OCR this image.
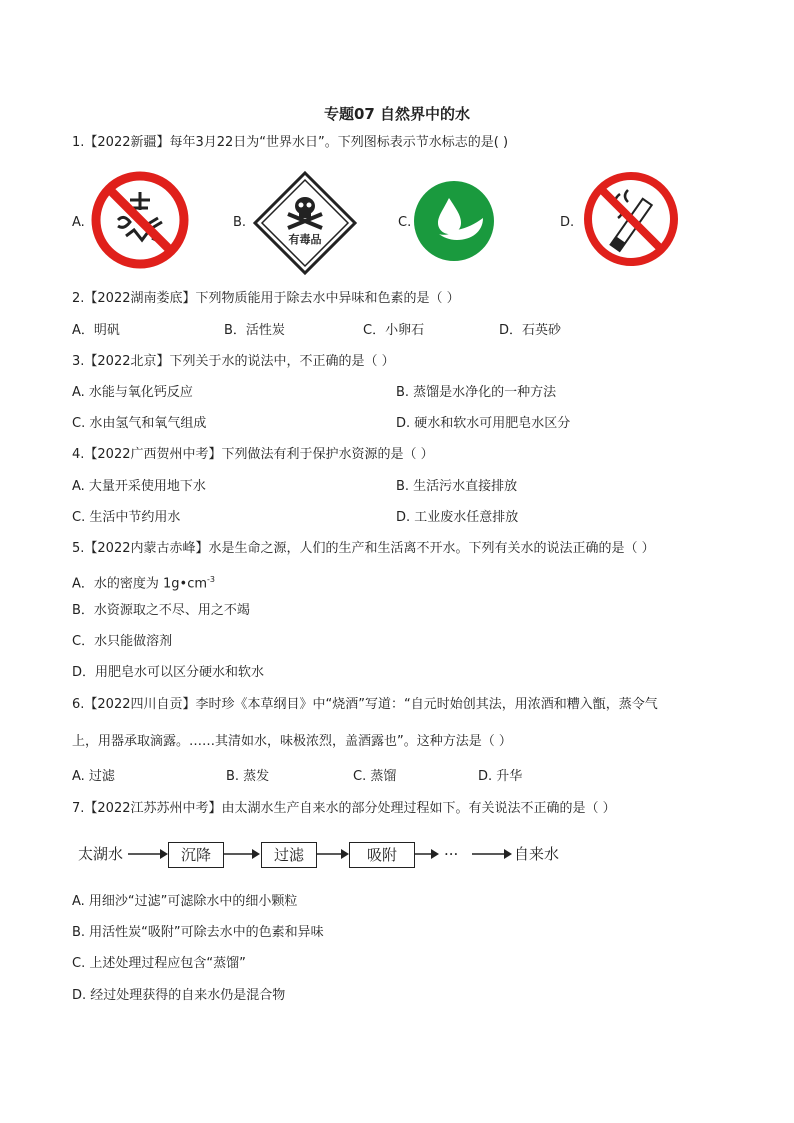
专题07 自然界中的水
1.【2022新疆】每年3月22日为“世界水日”。下列图标表示节水标志的是( )
A.	B.
有毒品
C.	D.
2.【2022湖南娄底】下列物质能用于除去水中异味和色素的是（ ）
A．明矾	B．活性炭	C．小卵石	D．石英砂
3.【2022北京】下列关于水的说法中，不正确的是（ ）
A. 水能与氧化钙反应	B. 蒸馏是水净化的一种方法
C. 水由氢气和氧气组成	D. 硬水和软水可用肥皂水区分
4.【2022广西贺州中考】下列做法有利于保护水资源的是（ ）
A. 大量开采使用地下水	B. 生活污水直接排放
C. 生活中节约用水	D. 工业废水任意排放
5.【2022内蒙古赤峰】水是生命之源，人们的生产和生活离不开水。下列有关水的说法正确的是（ ）
A．水的密度为 $1g•cm^{-3}$
B．水资源取之不尽、用之不竭
C．水只能做溶剂
D．用肥皂水可以区分硬水和软水
6.【2022四川自贡】李时珍《本草纲目》中“烧酒”写道：“自元时始创其法，用浓酒和糟入甑，蒸令气
上，用器承取滴露。……其清如水，味极浓烈，盖酒露也”。这种方法是（ ）
A. 过滤	B. 蒸发	C. 蒸馏	D. 升华
7.【2022江苏苏州中考】由太湖水生产自来水的部分处理过程如下。有关说法不正确的是（ ）
太湖水	沉降	过滤	吸附	···	自来水
A. 用细沙“过滤”可滤除水中的细小颗粒
B. 用活性炭“吸附”可除去水中的色素和异味
C. 上述处理过程应包含“蒸馏”
D. 经过处理获得的自来水仍是混合物
